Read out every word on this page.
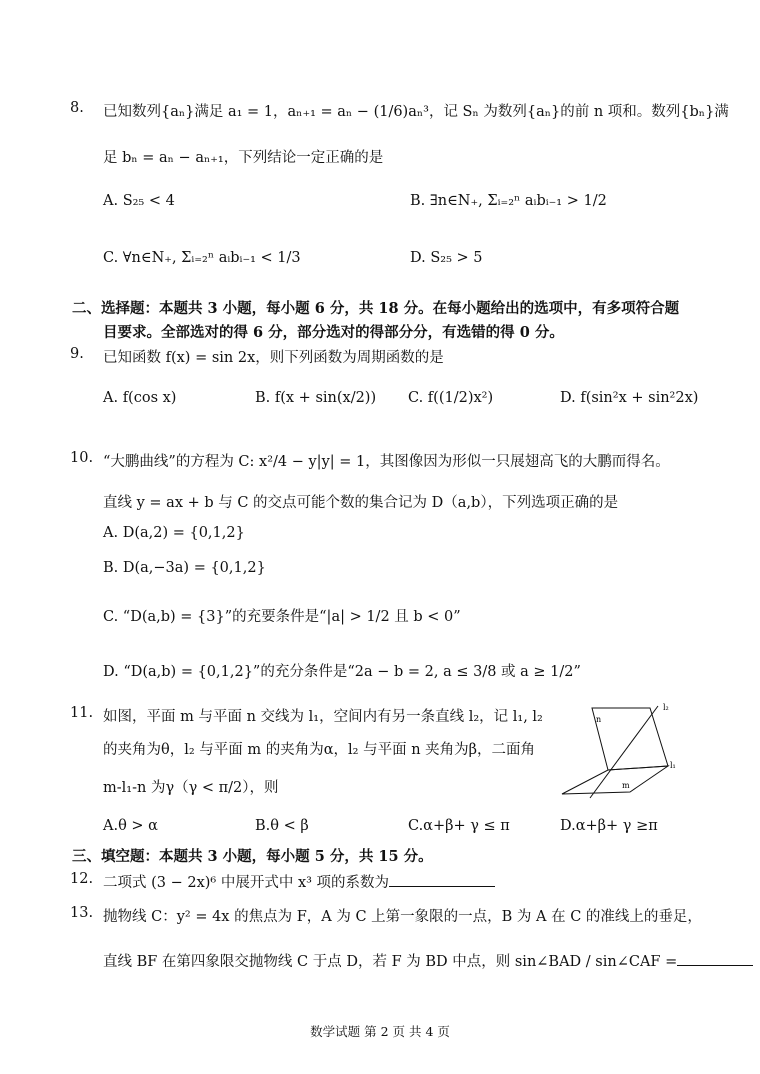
8. 已知数列{aₙ}满足 a₁ = 1，aₙ₊₁ = aₙ − (1/6)aₙ³，记 Sₙ 为数列{aₙ}的前 n 项和。数列{bₙ}满
足 bₙ = aₙ − aₙ₊₁，下列结论一定正确的是
A. S₂₅ < 4	B. ∃n∈N₊, Σᵢ₌₂ⁿ aᵢbᵢ₋₁ > 1/2
C. ∀n∈N₊, Σᵢ₌₂ⁿ aᵢbᵢ₋₁ < 1/3	D. S₂₅ > 5
二、选择题：本题共 3 小题，每小题 6 分，共 18 分。在每小题给出的选项中，有多项符合题
目要求。全部选对的得 6 分，部分选对的得部分分，有选错的得 0 分。
9. 已知函数 f(x) = sin 2x，则下列函数为周期函数的是
A. f(cos x)	B. f(x + sin(x/2)) C. f((1/2)x²)	D. f(sin²x + sin²2x)
10. “大鹏曲线”的方程为 C: x²/4 − y|y| = 1，其图像因为形似一只展翅高飞的大鹏而得名。
直线 y = ax + b 与 C 的交点可能个数的集合记为 D（a,b），下列选项正确的是
A. D(a,2) = {0,1,2}
B. D(a,−3a) = {0,1,2}
C. “D(a,b) = {3}”的充要条件是“|a| > 1/2 且 b < 0”
D. “D(a,b) = {0,1,2}”的充分条件是“2a − b = 2, a ≤ 3/8 或 a ≥ 1/2”
11. 如图，平面 m 与平面 n 交线为 l₁，空间内有另一条直线 l₂，记 l₁, l₂
的夹角为θ，l₂ 与平面 m 的夹角为α，l₂ 与平面 n 夹角为β，二面角
m-l₁-n 为γ（γ < π/2），则
n
m
l₁
l₂
A.θ > α	B.θ < β	C.α+β+ γ ≤ π	D.α+β+ γ ≥π
三、填空题：本题共 3 小题，每小题 5 分，共 15 分。
12. 二项式 (3 − 2x)⁶ 中展开式中 x³ 项的系数为
13. 抛物线 C：y² = 4x 的焦点为 F，A 为 C 上第一象限的一点，B 为 A 在 C 的准线上的垂足，
直线 BF 在第四象限交抛物线 C 于点 D，若 F 为 BD 中点，则 sin∠BAD / sin∠CAF =
数学试题 第 2 页 共 4 页
